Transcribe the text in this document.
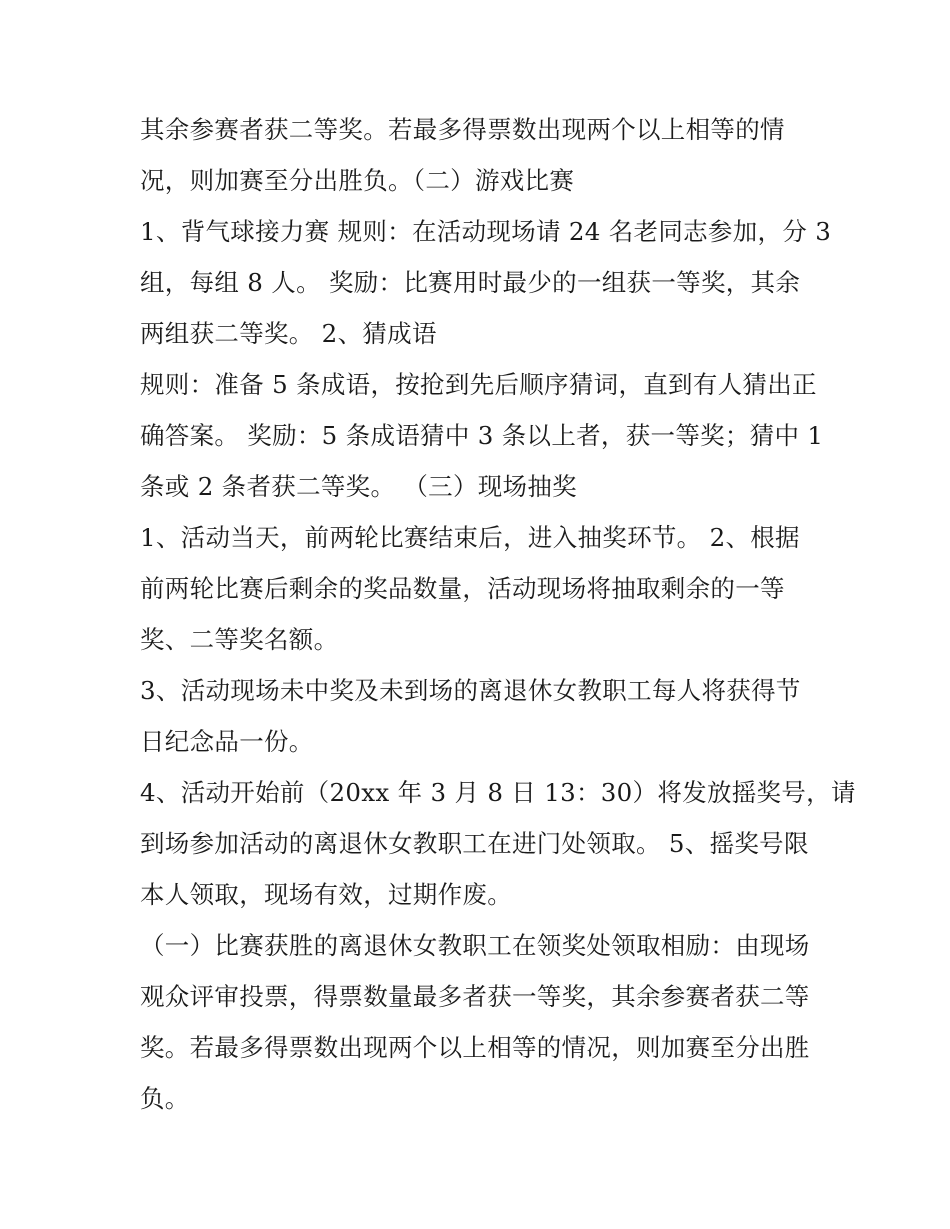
其余参赛者获二等奖。若最多得票数出现两个以上相等的情
况，则加赛至分出胜负。（二）游戏比赛
1、背气球接力赛 规则：在活动现场请 24 名老同志参加，分 3
组，每组 8 人。 奖励：比赛用时最少的一组获一等奖，其余
两组获二等奖。 2、猜成语
规则：准备 5 条成语，按抢到先后顺序猜词，直到有人猜出正
确答案。 奖励：5 条成语猜中 3 条以上者，获一等奖；猜中 1
条或 2 条者获二等奖。 （三）现场抽奖
1、活动当天，前两轮比赛结束后，进入抽奖环节。 2、根据
前两轮比赛后剩余的奖品数量，活动现场将抽取剩余的一等
奖、二等奖名额。
3、活动现场未中奖及未到场的离退休女教职工每人将获得节
日纪念品一份。
4、活动开始前（20xx 年 3 月 8 日 13：30）将发放摇奖号，请
到场参加活动的离退休女教职工在进门处领取。 5、摇奖号限
本人领取，现场有效，过期作废。
（一）比赛获胜的离退休女教职工在领奖处领取相励：由现场
观众评审投票，得票数量最多者获一等奖，其余参赛者获二等
奖。若最多得票数出现两个以上相等的情况，则加赛至分出胜
负。
